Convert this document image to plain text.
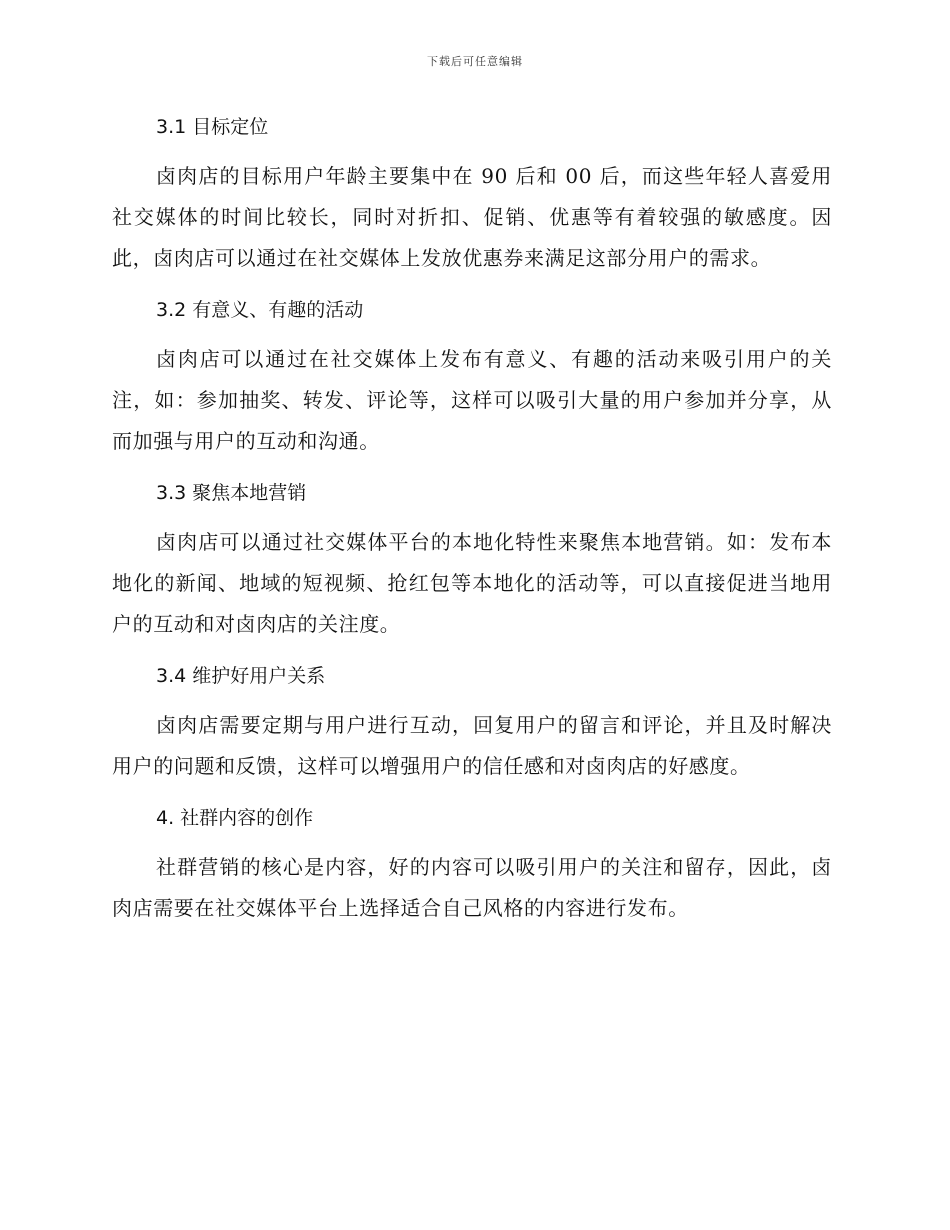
下载后可任意编辑
3.1 目标定位

卤肉店的目标用户年龄主要集中在 90 后和 00 后，而这些年轻人喜爱用社交媒体的时间比较长，同时对折扣、促销、优惠等有着较强的敏感度。因此，卤肉店可以通过在社交媒体上发放优惠券来满足这部分用户的需求。

3.2 有意义、有趣的活动

卤肉店可以通过在社交媒体上发布有意义、有趣的活动来吸引用户的关注，如：参加抽奖、转发、评论等，这样可以吸引大量的用户参加并分享，从而加强与用户的互动和沟通。

3.3 聚焦本地营销

卤肉店可以通过社交媒体平台的本地化特性来聚焦本地营销。如：发布本地化的新闻、地域的短视频、抢红包等本地化的活动等，可以直接促进当地用户的互动和对卤肉店的关注度。

3.4 维护好用户关系

卤肉店需要定期与用户进行互动，回复用户的留言和评论，并且及时解决用户的问题和反馈，这样可以增强用户的信任感和对卤肉店的好感度。

4. 社群内容的创作

社群营销的核心是内容，好的内容可以吸引用户的关注和留存，因此，卤肉店需要在社交媒体平台上选择适合自己风格的内容进行发布。
